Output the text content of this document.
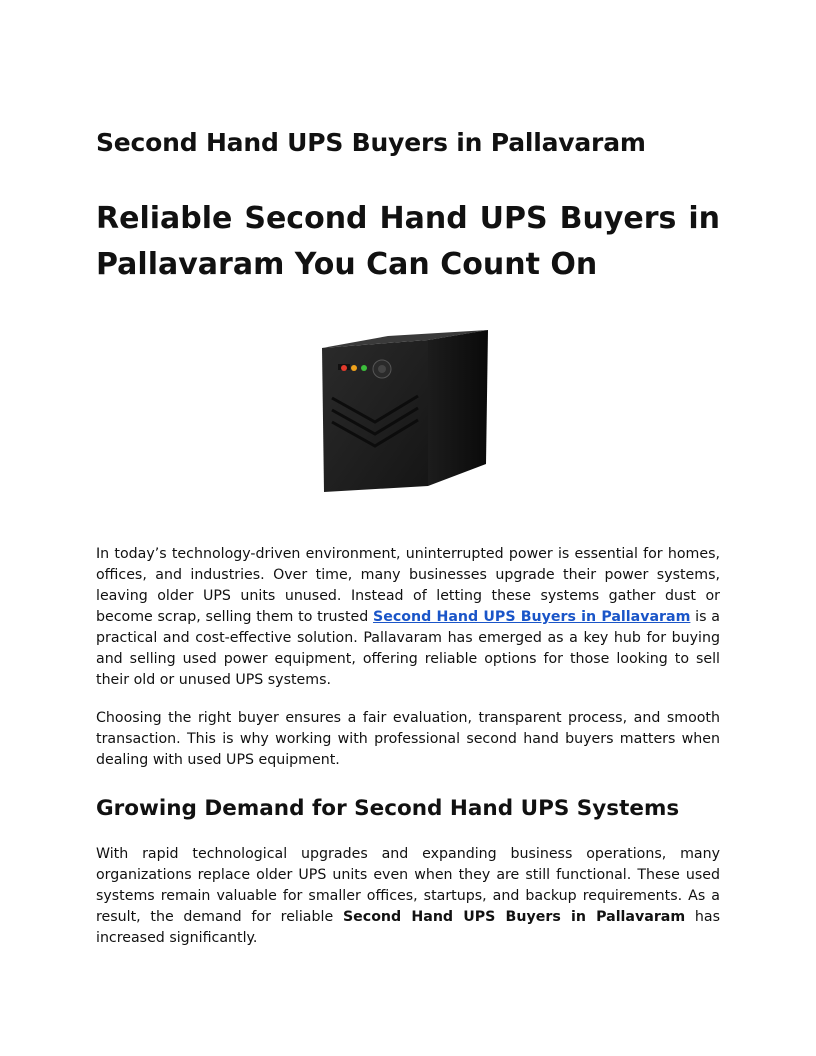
Second Hand UPS Buyers in Pallavaram
Reliable Second Hand UPS Buyers in Pallavaram You Can Count On

In today’s technology-driven environment, uninterrupted power is essential for homes, offices, and industries. Over time, many businesses upgrade their power systems, leaving older UPS units unused. Instead of letting these systems gather dust or become scrap, selling them to trusted Second Hand UPS Buyers in Pallavaram is a practical and cost-effective solution. Pallavaram has emerged as a key hub for buying and selling used power equipment, offering reliable options for those looking to sell their old or unused UPS systems.

Choosing the right buyer ensures a fair evaluation, transparent process, and smooth transaction. This is why working with professional second hand buyers matters when dealing with used UPS equipment.

Growing Demand for Second Hand UPS Systems

With rapid technological upgrades and expanding business operations, many organizations replace older UPS units even when they are still functional. These used systems remain valuable for smaller offices, startups, and backup requirements. As a result, the demand for reliable Second Hand UPS Buyers in Pallavaram has increased significantly.
